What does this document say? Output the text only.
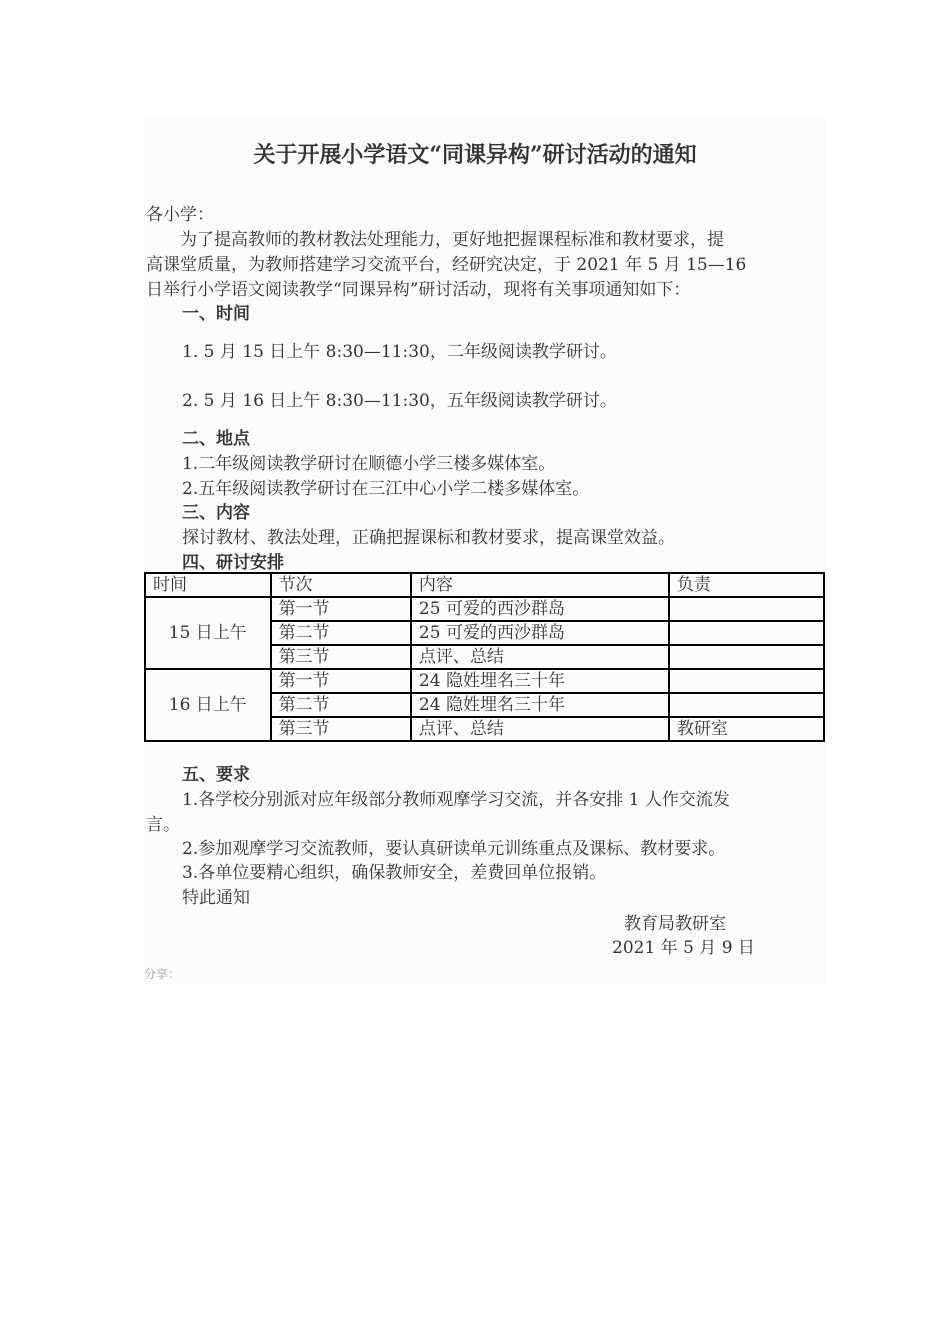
关于开展小学语文“同课异构”研讨活动的通知
各小学：
为了提高教师的教材教法处理能力，更好地把握课程标准和教材要求，提
高课堂质量，为教师搭建学习交流平台，经研究决定，于 2021 年 5 月 15—16
日举行小学语文阅读教学“同课异构”研讨活动，现将有关事项通知如下：
一、时间
1. 5 月 15 日上午 8:30—11:30，二年级阅读教学研讨。
2. 5 月 16 日上午 8:30—11:30，五年级阅读教学研讨。
二、地点
1.二年级阅读教学研讨在顺德小学三楼多媒体室。
2.五年级阅读教学研讨在三江中心小学二楼多媒体室。
三、内容
探讨教材、教法处理，正确把握课标和教材要求，提高课堂效益。
四、研讨安排
时间	节次	内容	负责
15 日上午	第一节	25 可爱的西沙群岛	
	第二节	25 可爱的西沙群岛	
	第三节	点评、总结	
16 日上午	第一节	24 隐姓埋名三十年	
	第二节	24 隐姓埋名三十年	
	第三节	点评、总结	教研室
五、要求
1.各学校分别派对应年级部分教师观摩学习交流，并各安排 1 人作交流发
言。
2.参加观摩学习交流教师，要认真研读单元训练重点及课标、教材要求。
3.各单位要精心组织，确保教师安全，差费回单位报销。
特此通知
教育局教研室
2021 年 5 月 9 日
分享：
